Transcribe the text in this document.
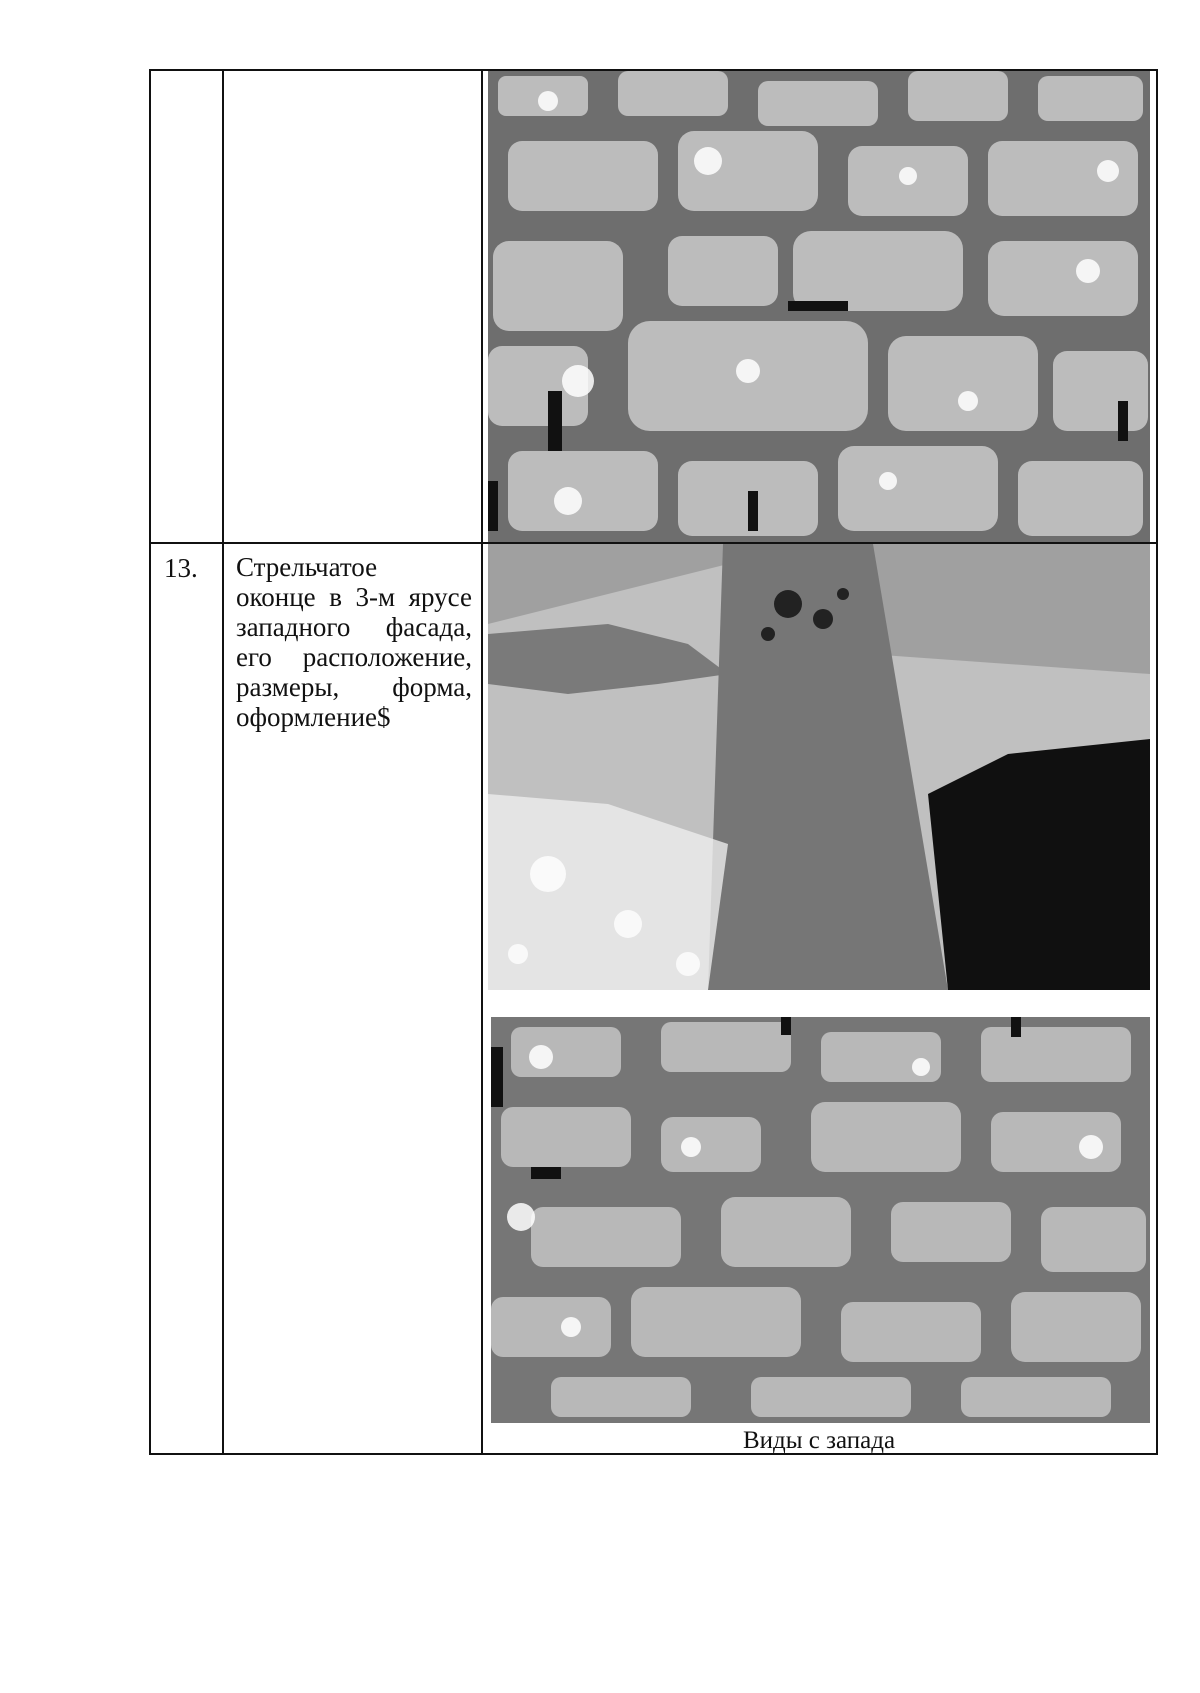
13. Стрельчатое
оконце в 3-м ярусе
западного фасада,
его расположение,
размеры, форма,
оформление$
Виды с запада
